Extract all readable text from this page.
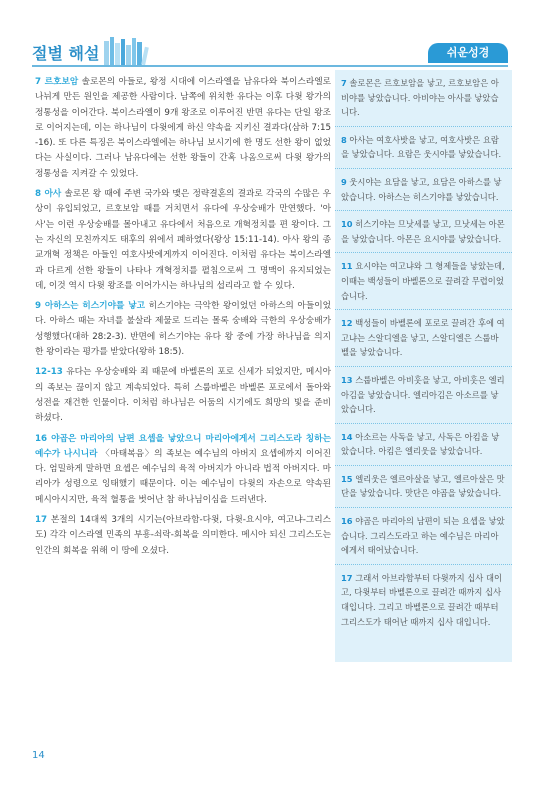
절별 해설	쉬운성경

7 르호보암 솔로몬의 아들로, 왕정 시대에 이스라엘을 남유다와 북이스라엘로 나뉘게 만든 원인을 제공한 사람이다. 남쪽에 위치한 유다는 이후 다윗 왕가의 정통성을 이어간다. 북이스라엘이 9개 왕조로 이루어진 반면 유다는 단일 왕조로 이어지는데, 이는 하나님이 다윗에게 하신 약속을 지키신 결과다(삼하 7:15-16). 또 다른 특징은 북이스라엘에는 하나님 보시기에 한 명도 선한 왕이 없었다는 사실이다. 그러나 남유다에는 선한 왕들이 간혹 나옴으로써 다윗 왕가의 정통성을 지켜갈 수 있었다.

8 아사 솔로몬 왕 때에 주변 국가와 맺은 정략결혼의 결과로 각국의 수많은 우상이 유입되었고, 르호보암 때를 거치면서 유다에 우상숭배가 만연했다. '아사'는 이런 우상숭배를 몰아내고 유다에서 처음으로 개혁정치를 편 왕이다. 그는 자신의 모친까지도 태후의 위에서 폐하였다(왕상 15:11-14). 아사 왕의 종교개혁 정책은 아들인 여호사밧에게까지 이어진다. 이처럼 유다는 북이스라엘과 다르게 선한 왕들이 나타나 개혁정치를 펼침으로써 그 명맥이 유지되었는데, 이것 역시 다윗 왕조를 이어가시는 하나님의 섭리라고 할 수 있다.

9 아하스는 히스기야를 낳고 히스기야는 극악한 왕이었던 아하스의 아들이었다. 아하스 때는 자녀를 불살라 제물로 드리는 몰록 숭배와 극한의 우상숭배가 성행했다(대하 28:2-3). 반면에 히스기야는 유다 왕 중에 가장 하나님을 의지한 왕이라는 평가를 받았다(왕하 18:5).

12-13 유다는 우상숭배와 죄 때문에 바벨론의 포로 신세가 되었지만, 메시아의 족보는 끊이지 않고 계속되었다. 특히 스룹바벨은 바벨론 포로에서 돌아와 성전을 재건한 인물이다. 이처럼 하나님은 어둠의 시기에도 희망의 빛을 준비하셨다.

16 야곱은 마리아의 남편 요셉을 낳았으니 마리아에게서 그리스도라 칭하는 예수가 나시니라 〈마태복음〉의 족보는 예수님의 아버지 요셉에까지 이어진다. 엄밀하게 말하면 요셉은 예수님의 육적 아버지가 아니라 법적 아버지다. 마리아가 성령으로 잉태했기 때문이다. 이는 예수님이 다윗의 자손으로 약속된 메시아시지만, 육적 혈통을 벗어난 참 하나님이심을 드러낸다.

17 본절의 14대씩 3개의 시기는(아브라함-다윗, 다윗-요시야, 여고냐-그리스도) 각각 이스라엘 민족의 부흥-쇠락-회복을 의미한다. 메시아 되신 그리스도는 인간의 회복을 위해 이 땅에 오셨다.

7 솔로몬은 르호보암을 낳고, 르호보암은 아비야를 낳았습니다. 아비야는 아사를 낳았습니다.
8 아사는 여호사밧을 낳고, 여호사밧은 요람을 낳았습니다. 요람은 웃시야를 낳았습니다.
9 웃시야는 요담을 낳고, 요담은 아하스를 낳았습니다. 아하스는 히스기야를 낳았습니다.
10 히스기야는 므낫세를 낳고, 므낫세는 아몬을 낳았습니다. 아몬은 요시야를 낳았습니다.
11 요시야는 여고냐와 그 형제들을 낳았는데, 이때는 백성들이 바벨론으로 끌려갈 무렵이었습니다.
12 백성들이 바벨론에 포로로 끌려간 후에 여고냐는 스알디엘을 낳고, 스알디엘은 스룹바벨을 낳았습니다.
13 스룹바벨은 아비훗을 낳고, 아비훗은 엘리아김을 낳았습니다. 엘리아김은 아소르를 낳았습니다.
14 아소르는 사독을 낳고, 사독은 아킴을 낳았습니다. 아킴은 엘리웃을 낳았습니다.
15 엘리웃은 엘르아살을 낳고, 엘르아살은 맛단을 낳았습니다. 맛단은 야곱을 낳았습니다.
16 야곱은 마리아의 남편이 되는 요셉을 낳았습니다. 그리스도라고 하는 예수님은 마리아에게서 태어났습니다.
17 그래서 아브라함부터 다윗까지 십사 대이고, 다윗부터 바벨론으로 끌려간 때까지 십사 대입니다. 그리고 바벨론으로 끌려간 때부터 그리스도가 태어난 때까지 십사 대입니다.
14
